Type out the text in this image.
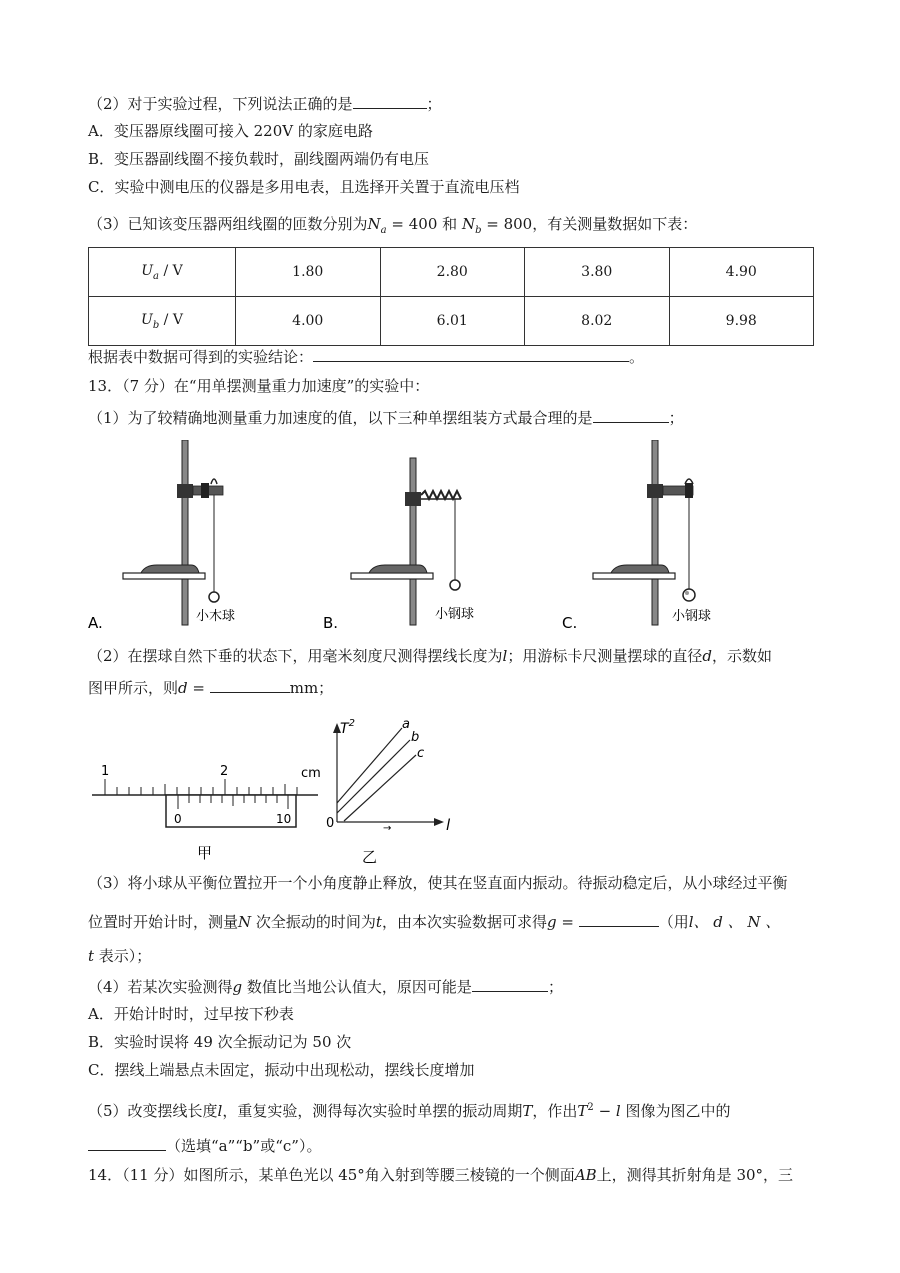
（2）对于实验过程，下列说法正确的是	；
A．变压器原线圈可接入 220V 的家庭电路
B．变压器副线圈不接负载时，副线圈两端仍有电压
C．实验中测电压的仪器是多用电表，且选择开关置于直流电压档
（3）已知该变压器两组线圈的匝数分别为$N_a = 400$ 和 $N_b = 800$，有关测量数据如下表：
$U_a$ / V	1.80	2.80	3.80	4.90
$U_b$ / V	4.00	6.01	8.02	9.98
根据表中数据可得到的实验结论：	。
13．（7 分）在“用单摆测量重力加速度”的实验中：
（1）为了较精确地测量重力加速度的值，以下三种单摆组装方式最合理的是	；
小木球
A.	小钢球
B.	小钢球
C.
（2）在摆球自然下垂的状态下，用毫米刻度尺测得摆线长度为l；用游标卡尺测量摆球的直径d，示数如
图甲所示，则d =	mm；
1	2	cm
0	10
甲
$T^2$
l
0
a
b
c
→
乙
（3）将小球从平衡位置拉开一个小角度静止释放，使其在竖直面内振动。待振动稳定后，从小球经过平衡
位置时开始计时，测量N 次全振动的时间为t，由本次实验数据可求得g =	（用l、 d 、 N 、
t 表示）；
（4）若某次实验测得g 数值比当地公认值大，原因可能是	；
A．开始计时时，过早按下秒表
B．实验时误将 49 次全振动记为 50 次
C．摆线上端悬点未固定，振动中出现松动，摆线长度增加
（5）改变摆线长度l，重复实验，测得每次实验时单摆的振动周期T，作出$T^2 - l$ 图像为图乙中的
（选填“a”“b”或“c”）。
14．（11 分）如图所示，某单色光以 45°角入射到等腰三棱镜的一个侧面AB上，测得其折射角是 30°，三
